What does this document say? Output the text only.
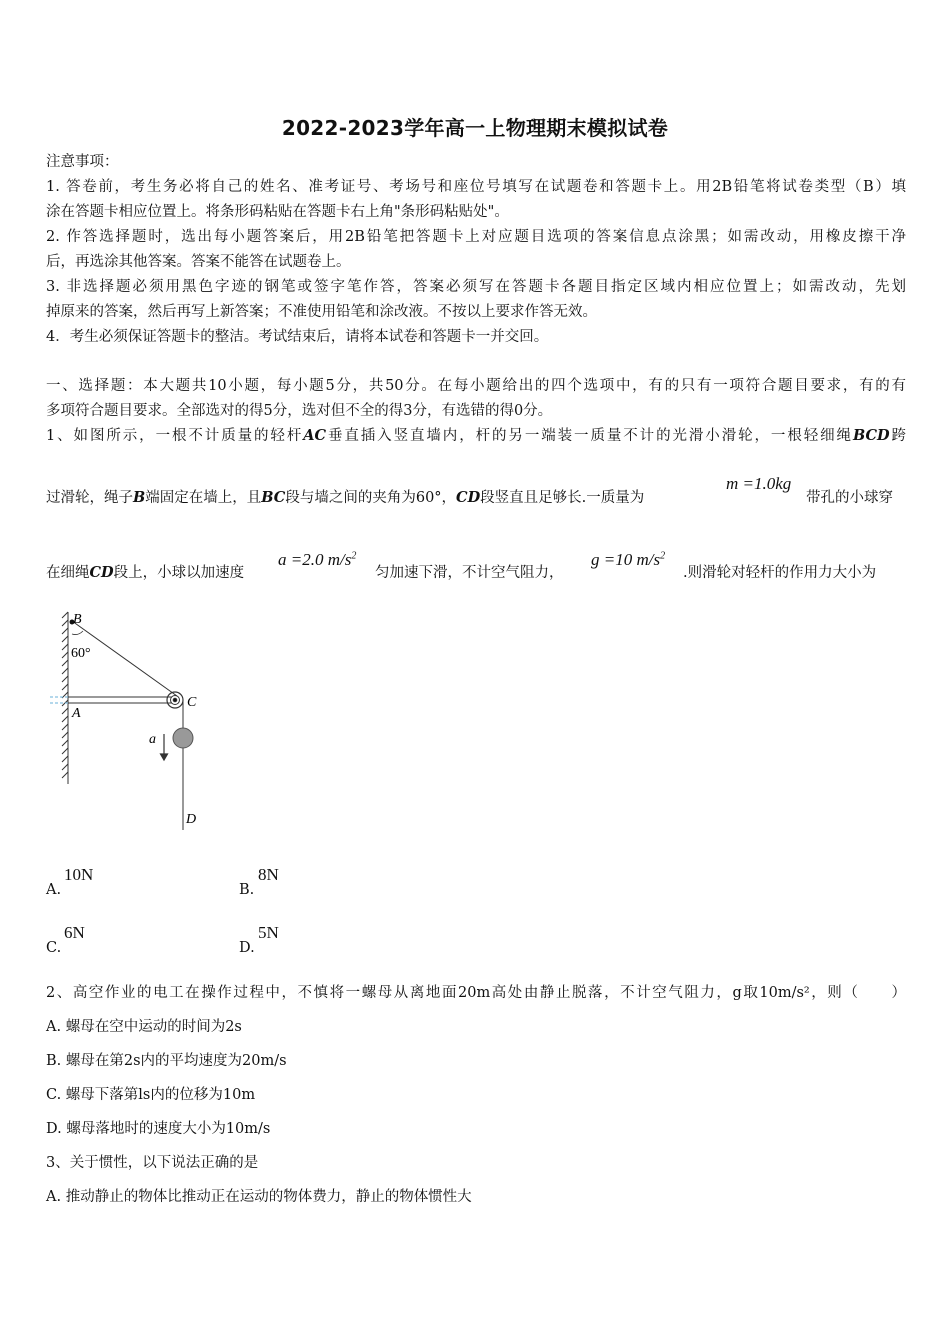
2022-2023学年高一上物理期末模拟试卷
注意事项：
1. 答卷前，考生务必将自己的姓名、准考证号、考场号和座位号填写在试题卷和答题卡上。用2B铅笔将试卷类型（B）填
涂在答题卡相应位置上。将条形码粘贴在答题卡右上角"条形码粘贴处"。
2. 作答选择题时，选出每小题答案后，用2B铅笔把答题卡上对应题目选项的答案信息点涂黑；如需改动，用橡皮擦干净
后，再选涂其他答案。答案不能答在试题卷上。
3. 非选择题必须用黑色字迹的钢笔或签字笔作答，答案必须写在答题卡各题目指定区域内相应位置上；如需改动，先划
掉原来的答案，然后再写上新答案；不准使用铅笔和涂改液。不按以上要求作答无效。
4．考生必须保证答题卡的整洁。考试结束后，请将本试卷和答题卡一并交回。
一、选择题：本大题共10小题，每小题5分，共50分。在每小题给出的四个选项中，有的只有一项符合题目要求，有的有
多项符合题目要求。全部选对的得5分，选对但不全的得3分，有选错的得0分。
1、如图所示，一根不计质量的轻杆AC垂直插入竖直墙内，杆的另一端装一质量不计的光滑小滑轮，一根轻细绳BCD跨
过滑轮，绳子B端固定在墙上，且BC段与墙之间的夹角为60°，CD段竖直且足够长.一质量为
m =1.0kg
带孔的小球穿
在细绳CD段上，小球以加速度
a =2.0 $m/s^2$
匀加速下滑，不计空气阻力，
g =10 $m/s^2$
.则滑轮对轻杆的作用力大小为
B
60°
A
C
a
D
A.
10N
B.
8N
C.
6N
D.
5N
2、高空作业的电工在操作过程中，不慎将一螺母从离地面20m高处由静止脱落，不计空气阻力，g取10m/s²，则（　　）
A. 螺母在空中运动的时间为2s
B. 螺母在第2s内的平均速度为20m/s
C. 螺母下落第ls内的位移为10m
D. 螺母落地时的速度大小为10m/s
3、关于惯性，以下说法正确的是
A. 推动静止的物体比推动正在运动的物体费力，静止的物体惯性大
